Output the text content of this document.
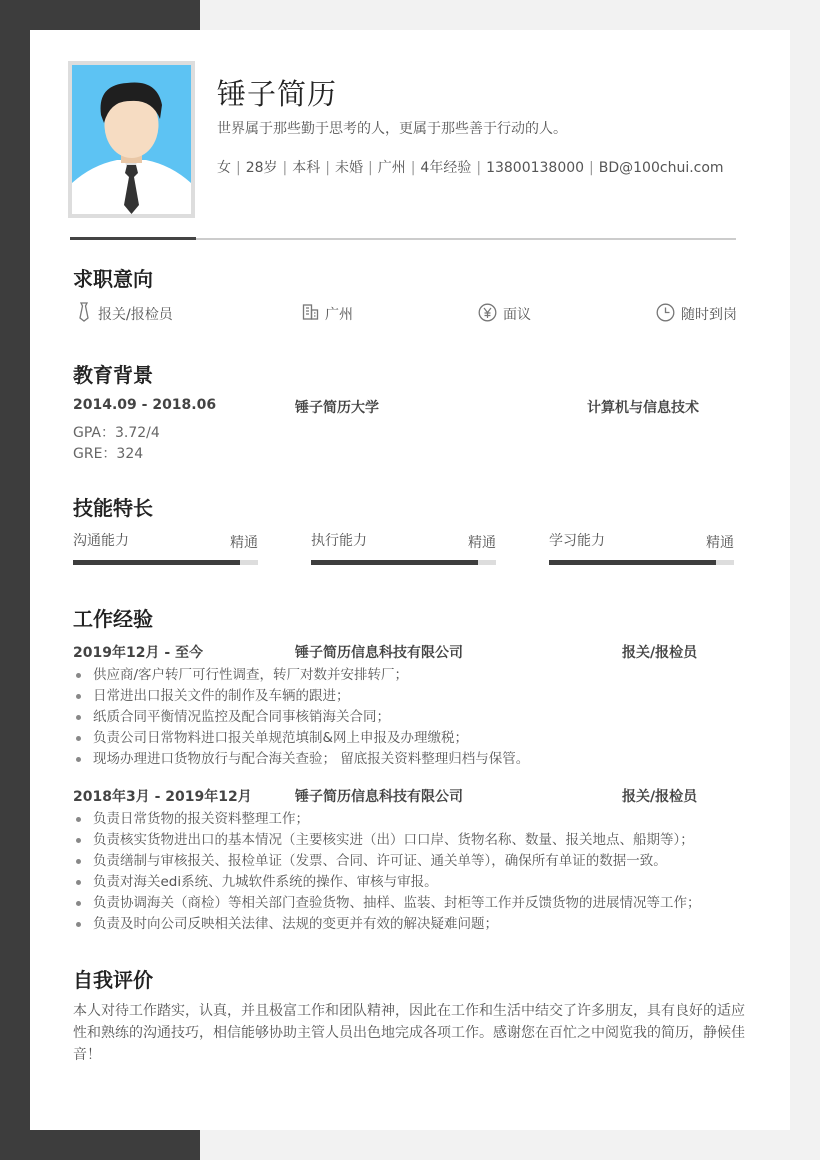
锤子简历
世界属于那些勤于思考的人，更属于那些善于行动的人。
女 | 28岁 | 本科 | 未婚 | 广州 | 4年经验 | 13800138000 | BD@100chui.com
求职意向
报关/报检员	广州	面议	随时到岗
教育背景
2014.09 - 2018.06	锤子简历大学	计算机与信息技术
GPA：3.72/4
GRE：324
技能特长
沟通能力	精通	执行能力	精通	学习能力	精通
工作经验
2019年12月 - 至今	锤子简历信息科技有限公司	报关/报检员
供应商/客户转厂可行性调查，转厂对数并安排转厂；
日常进出口报关文件的制作及车辆的跟进；
纸质合同平衡情况监控及配合同事核销海关合同；
负责公司日常物料进口报关单规范填制&网上申报及办理缴税；
现场办理进口货物放行与配合海关查验； 留底报关资料整理归档与保管。
2018年3月 - 2019年12月	锤子简历信息科技有限公司	报关/报检员
负责日常货物的报关资料整理工作；
负责核实货物进出口的基本情况（主要核实进（出）口口岸、货物名称、数量、报关地点、船期等）；
负责缮制与审核报关、报检单证（发票、合同、许可证、通关单等），确保所有单证的数据一致。
负责对海关edi系统、九城软件系统的操作、审核与审报。
负责协调海关（商检）等相关部门查验货物、抽样、监装、封柜等工作并反馈货物的进展情况等工作；
负责及时向公司反映相关法律、法规的变更并有效的解决疑难问题；
自我评价
本人对待工作踏实，认真，并且极富工作和团队精神，因此在工作和生活中结交了许多朋友，具有良好的适应性和熟练的沟通技巧，相信能够协助主管人员出色地完成各项工作。感谢您在百忙之中阅览我的简历，静候佳音！
